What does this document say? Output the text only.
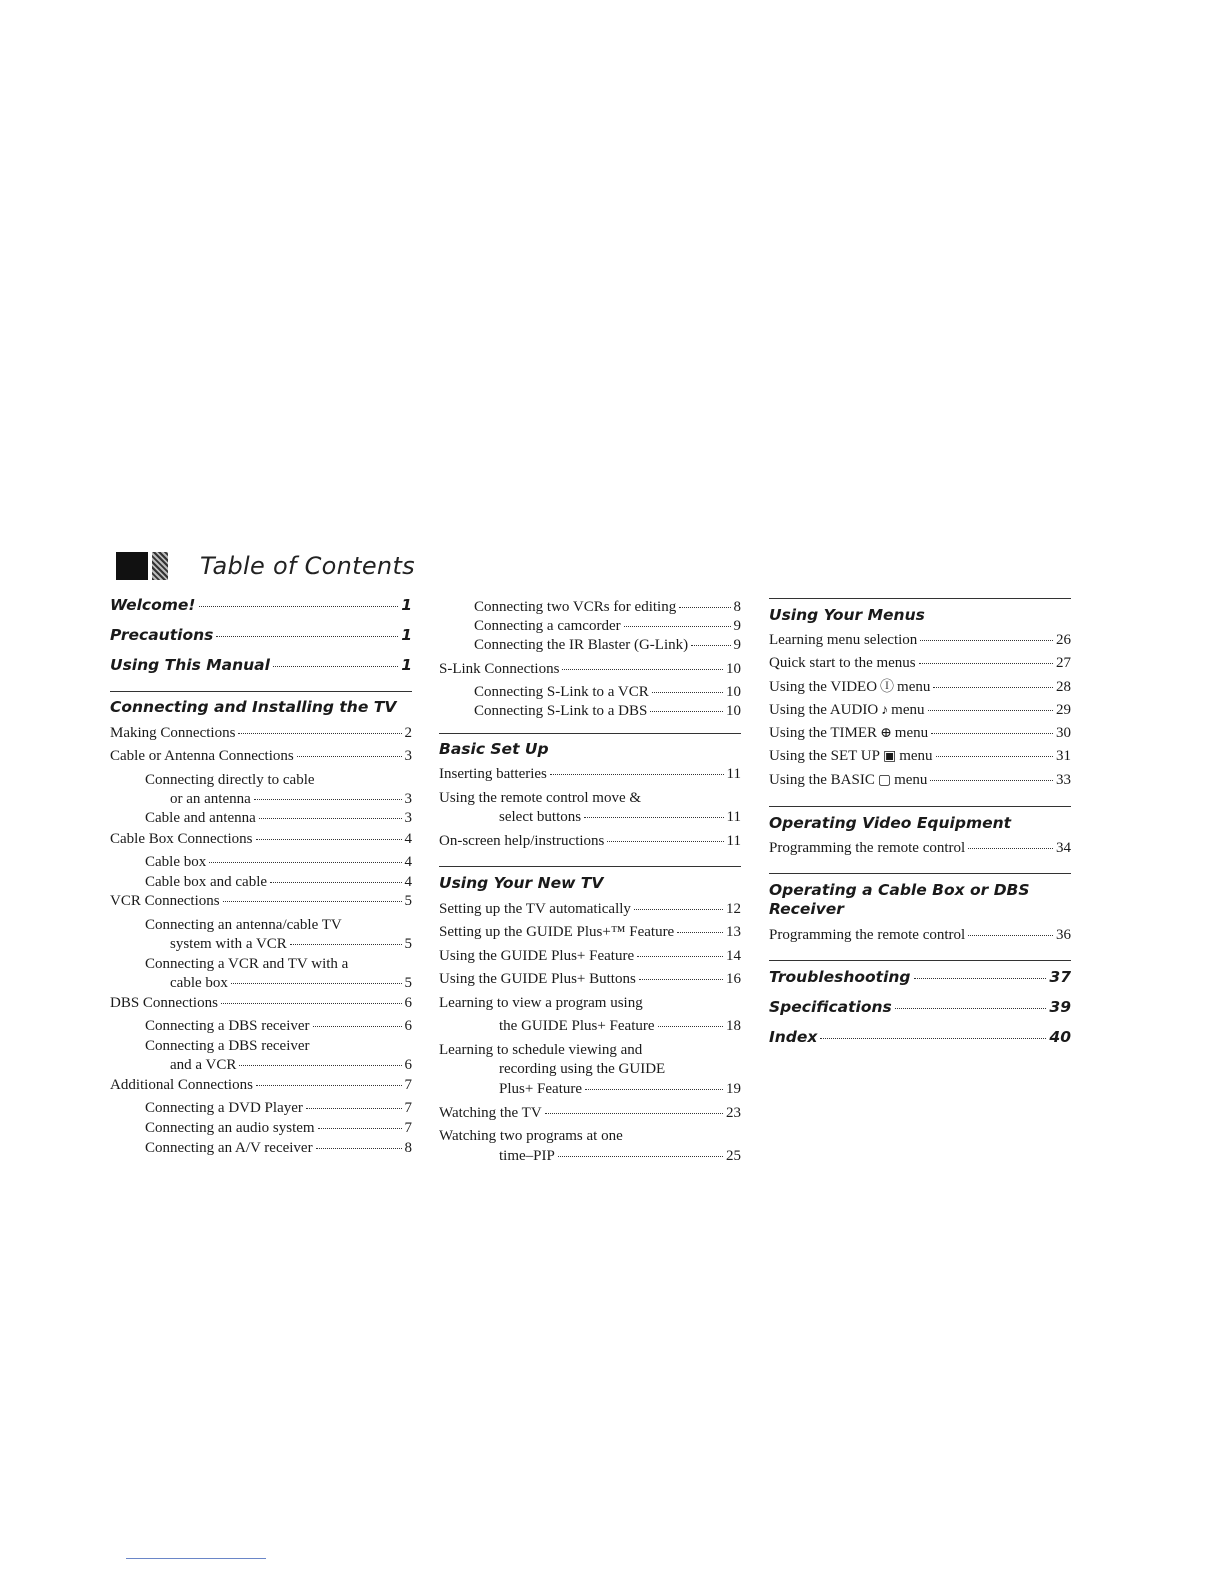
Table of Contents
Welcome!	1
Precautions	1
Using This Manual	1
Connecting and Installing the TV
Making Connections	2
Cable or Antenna Connections	3
Connecting directly to cable
or an antenna	3
Cable and antenna	3
Cable Box Connections	4
Cable box	4
Cable box and cable	4
VCR Connections	5
Connecting an antenna/cable TV
system with a VCR	5
Connecting a VCR and TV with a
cable box	5
DBS Connections	6
Connecting a DBS receiver	6
Connecting a DBS receiver
and a VCR	6
Additional Connections	7
Connecting a DVD Player	7
Connecting an audio system	7
Connecting an A/V receiver	8
Connecting two VCRs for editing	8
Connecting a camcorder	9
Connecting the IR Blaster (G-Link)	9
S-Link Connections	10
Connecting S-Link to a VCR	10
Connecting S-Link to a DBS	10
Basic Set Up
Inserting batteries	11
Using the remote control move &
select buttons	11
On-screen help/instructions	11
Using Your New TV
Setting up the TV automatically	12
Setting up the GUIDE Plus+™ Feature	13
Using the GUIDE Plus+ Feature	14
Using the GUIDE Plus+ Buttons	16
Learning to view a program using
the GUIDE Plus+ Feature	18
Learning to schedule viewing and
recording using the GUIDE
Plus+ Feature	19
Watching the TV	23
Watching two programs at one
time–PIP	25
Using Your Menus
Learning menu selection	26
Quick start to the menus	27
Using the VIDEO Ⓘ menu	28
Using the AUDIO ♪ menu	29
Using the TIMER ⊕ menu	30
Using the SET UP ▣ menu	31
Using the BASIC ▢ menu	33
Operating Video Equipment
Programming the remote control	34
Operating a Cable Box or DBS
Receiver
Programming the remote control	36
Troubleshooting	37
Specifications	39
Index	40
